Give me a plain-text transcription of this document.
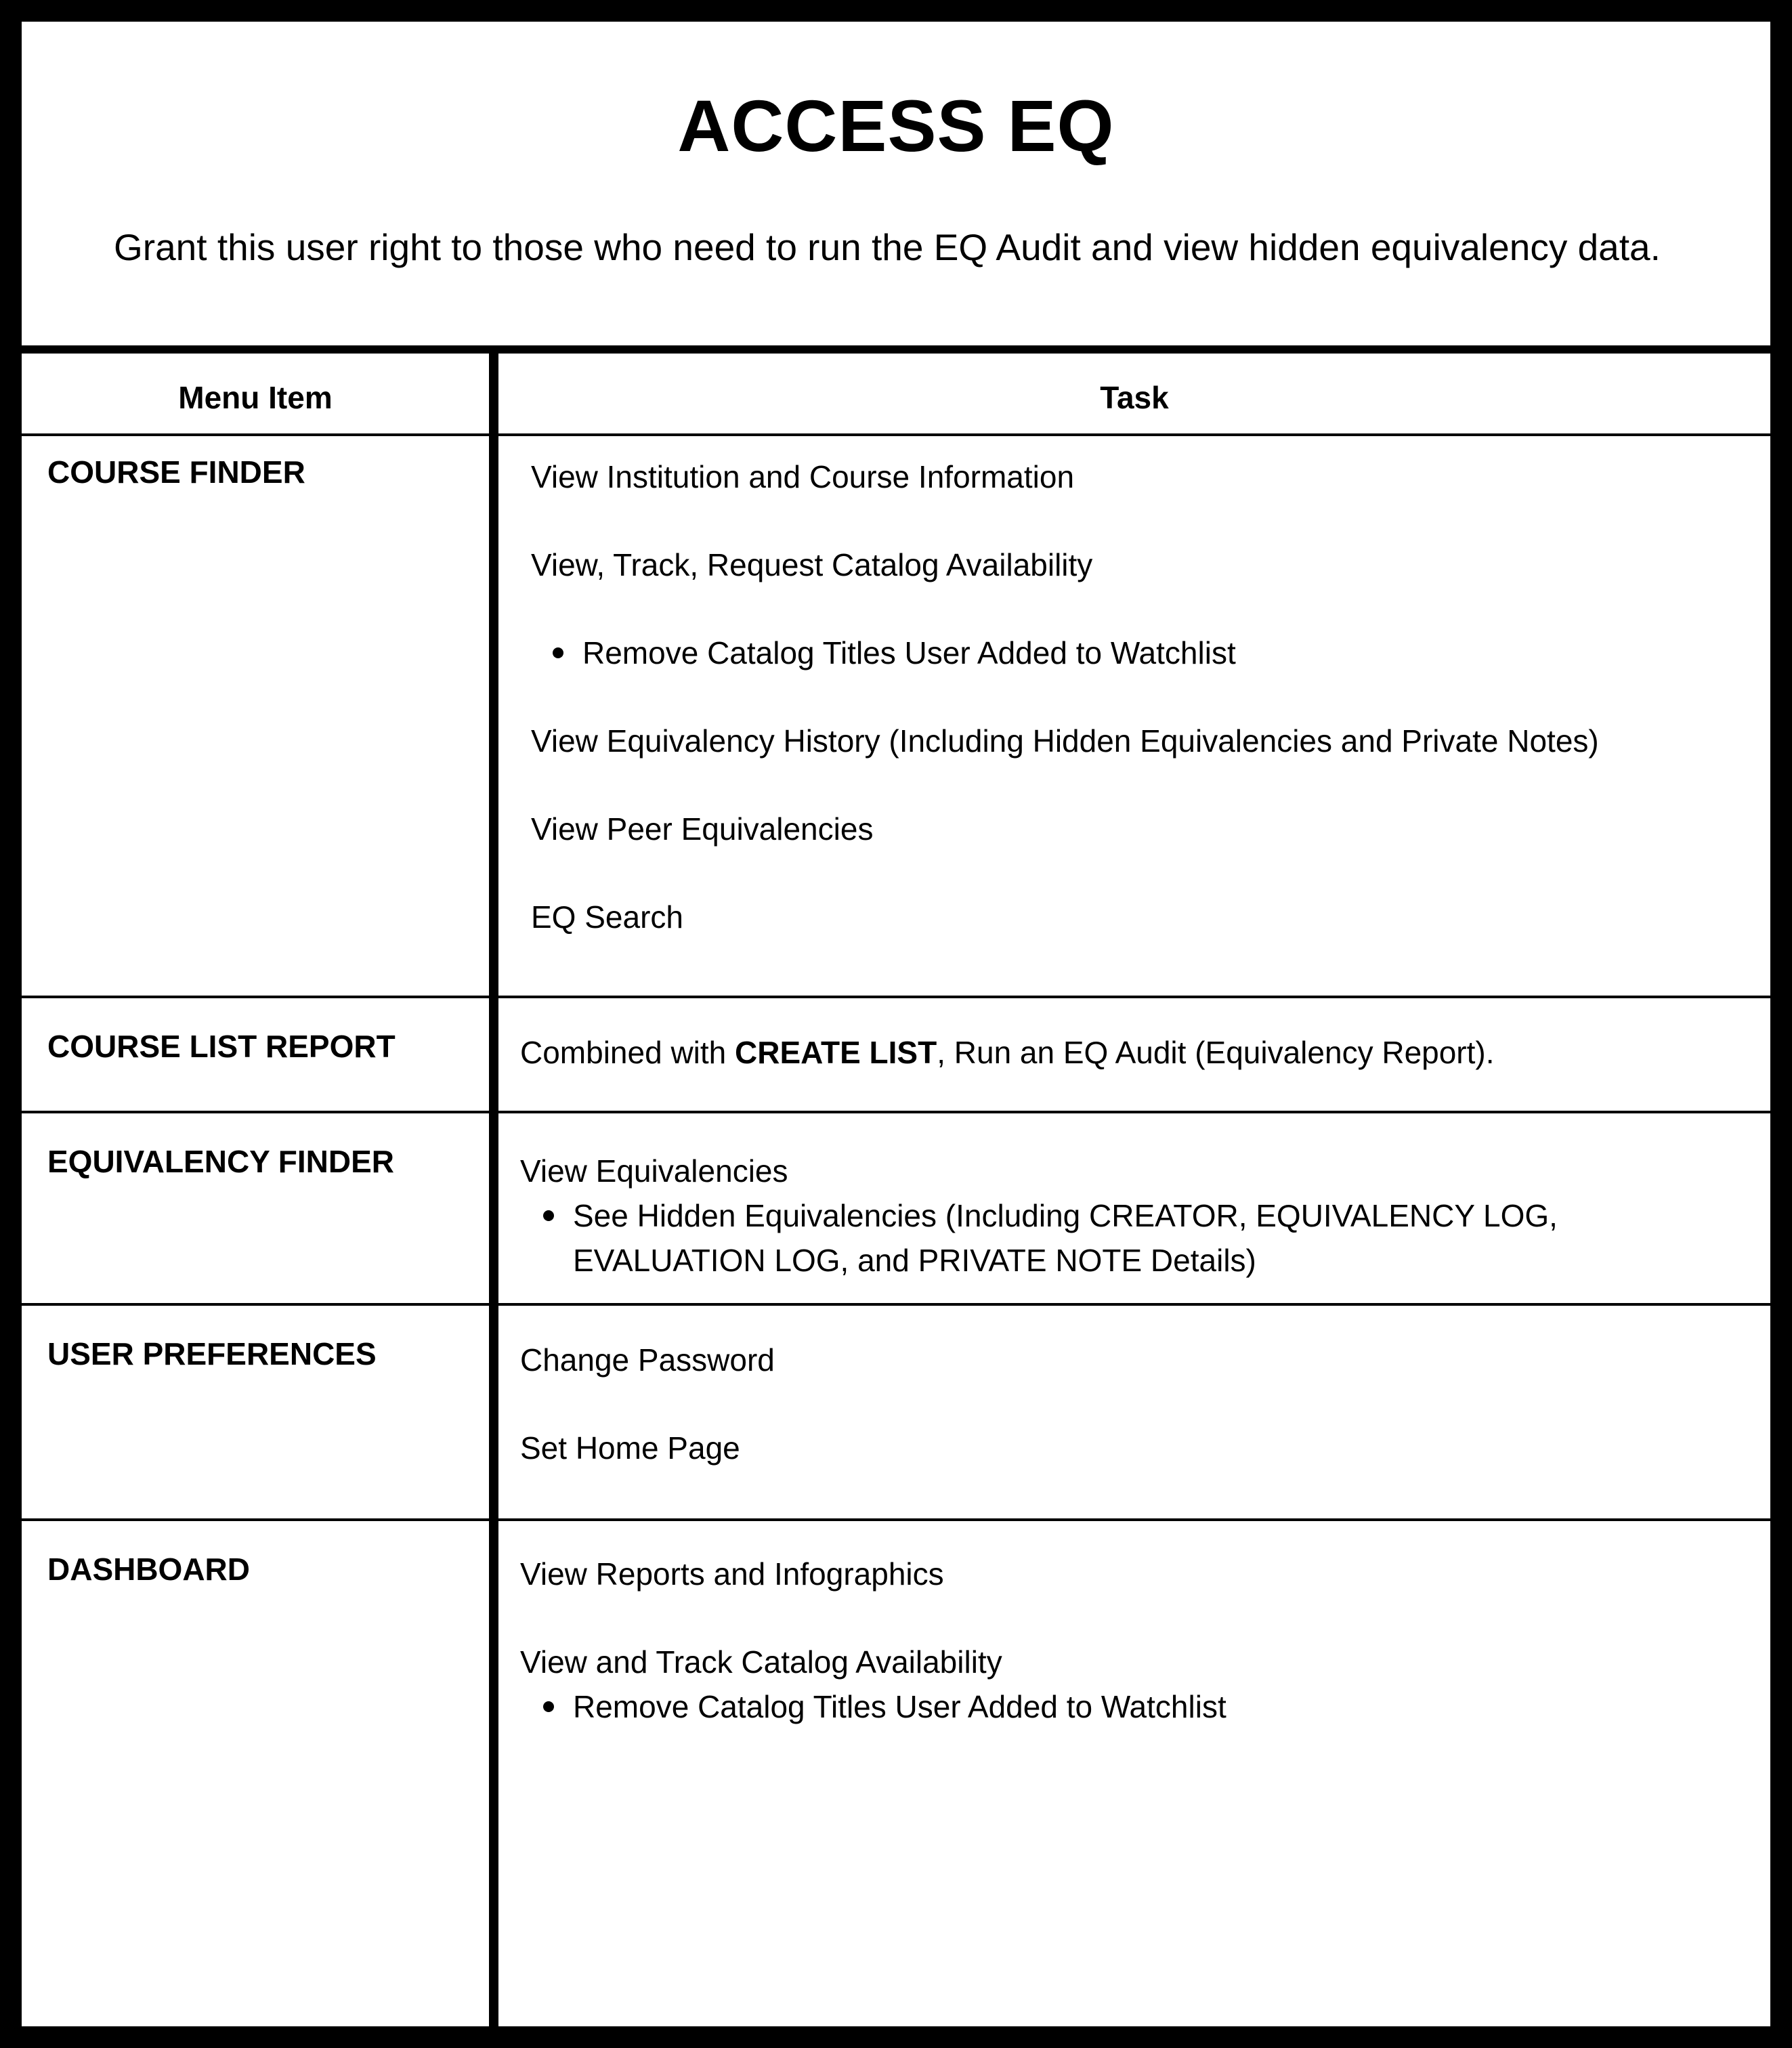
ACCESS EQ
Grant this user right to those who need to run the EQ Audit and view hidden equivalency data.
Menu Item	Task
COURSE FINDER	View Institution and Course Information
View, Track, Request Catalog Availability
Remove Catalog Titles User Added to Watchlist
View Equivalency History (Including Hidden Equivalencies and Private Notes)
View Peer Equivalencies
EQ Search
COURSE LIST REPORT	Combined with CREATE LIST, Run an EQ Audit (Equivalency Report).
EQUIVALENCY FINDER	View Equivalencies
See Hidden Equivalencies (Including CREATOR, EQUIVALENCY LOG,
EVALUATION LOG, and PRIVATE NOTE Details)
USER PREFERENCES	Change Password
Set Home Page
DASHBOARD	View Reports and Infographics
View and Track Catalog Availability
Remove Catalog Titles User Added to Watchlist
